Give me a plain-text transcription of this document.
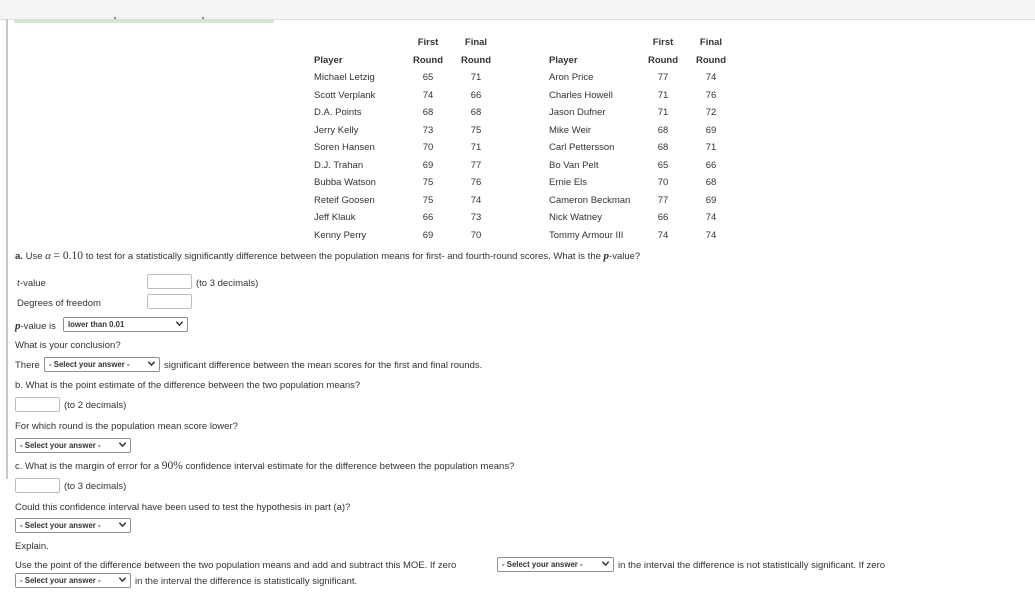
First	Final
Player	Round	Round
First	Final
Player	Round	Round
Michael Letzig	65	71
Scott Verplank	74	66
D.A. Points	68	68
Jerry Kelly	73	75
Soren Hansen	70	71
D.J. Trahan	69	77
Bubba Watson	75	76
Reteif Goosen	75	74
Jeff Klauk	66	73
Kenny Perry	69	70
Aron Price	77	74
Charles Howell	71	76
Jason Dufner	71	72
Mike Weir	68	69
Carl Pettersson	68	71
Bo Van Pelt	65	66
Ernie Els	70	68
Cameron Beckman	77	69
Nick Watney	66	74
Tommy Armour III	74	74
a. Use α = 0.10 to test for a statistically significantly difference between the population means for first- and fourth-round scores. What is the p-value?
t-value	(to 3 decimals)
Degrees of freedom
p-value is	lower than 0.01
What is your conclusion?
There	- Select your answer -	significant difference between the mean scores for the first and final rounds.
b. What is the point estimate of the difference between the two population means?
(to 2 decimals)
For which round is the population mean score lower?
- Select your answer -
c. What is the margin of error for a 90% confidence interval estimate for the difference between the population means?
(to 3 decimals)
Could this confidence interval have been used to test the hypothesis in part (a)?
- Select your answer -
Explain.
Use the point of the difference between the two population means and add and subtract this MOE. If zero	- Select your answer -	in the interval the difference is not statistically significant. If zero
- Select your answer -	in the interval the difference is statistically significant.
